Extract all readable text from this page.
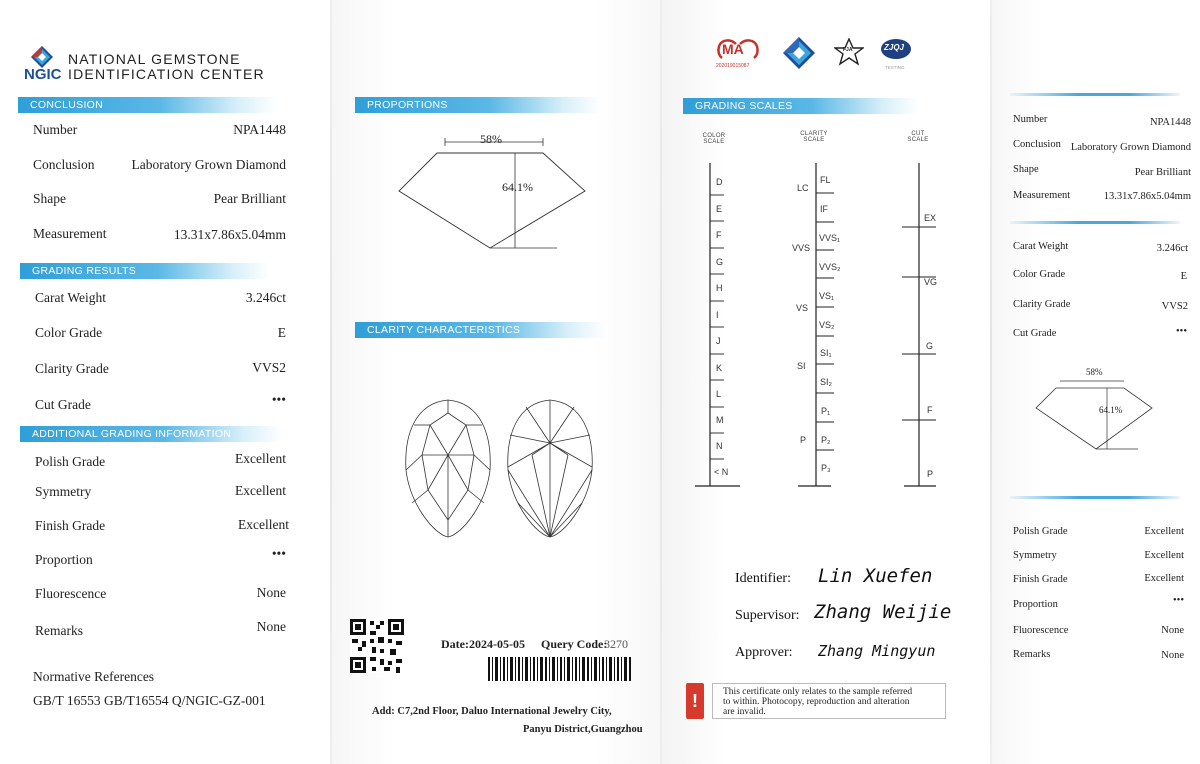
NATIONAL GEMSTONE
NGIC IDENTIFICATION CENTER
CONCLUSION
Number	NPA1448
Conclusion	Laboratory Grown Diamond
Shape	Pear Brilliant
Measurement	13.31x7.86x5.04mm
GRADING RESULTS
Carat Weight	3.246ct
Color Grade	E
Clarity Grade	VVS2
Cut Grade	•••
ADDITIONAL GRADING INFORMATION
Polish Grade	Excellent
Symmetry	Excellent
Finish Grade	Excellent
Proportion	•••
Fluorescence	None
Remarks	None
Normative References
GB/T 16553 GB/T16554 Q/NGIC-GZ-001
PROPORTIONS
58%
64.1%
CLARITY CHARACTERISTICS
Date:2024-05-05 Query Code:
3270
Add: C7,2nd Floor, Daluo International Jewelry City,
Panyu District,Guangzhou
MA
202019015087
FJA	ZJQJ
TESTING
GRADING SCALES
COLOR
SCALE
CLARITY
SCALE
CUT
SCALE
D
E
F
G
H
I
J
K
L
M
N
< N
LC
VVS
VS
SI
P
FL
IF
VVS₁
VVS₂
VS₁
VS₂
SI₁
SI₂
P₁
P₂
P₃
EX
VG
G
F
P
Identifier: Lin Xuefen
Supervisor: Zhang Weijie
Approver: Zhang Mingyun
!	This certificate only relates to the sample referred
to within. Photocopy, reproduction and alteration
are invalid.
Number	NPA1448
Conclusion Laboratory Grown Diamond
Shape	Pear Brilliant
Measurement	13.31x7.86x5.04mm
Carat Weight	3.246ct
Color Grade	E
Clarity Grade	VVS2
Cut Grade	•••
58%
64.1%
Polish Grade	Excellent
Symmetry	Excellent
Finish Grade	Excellent
Proportion	•••
Fluorescence	None
Remarks	None
